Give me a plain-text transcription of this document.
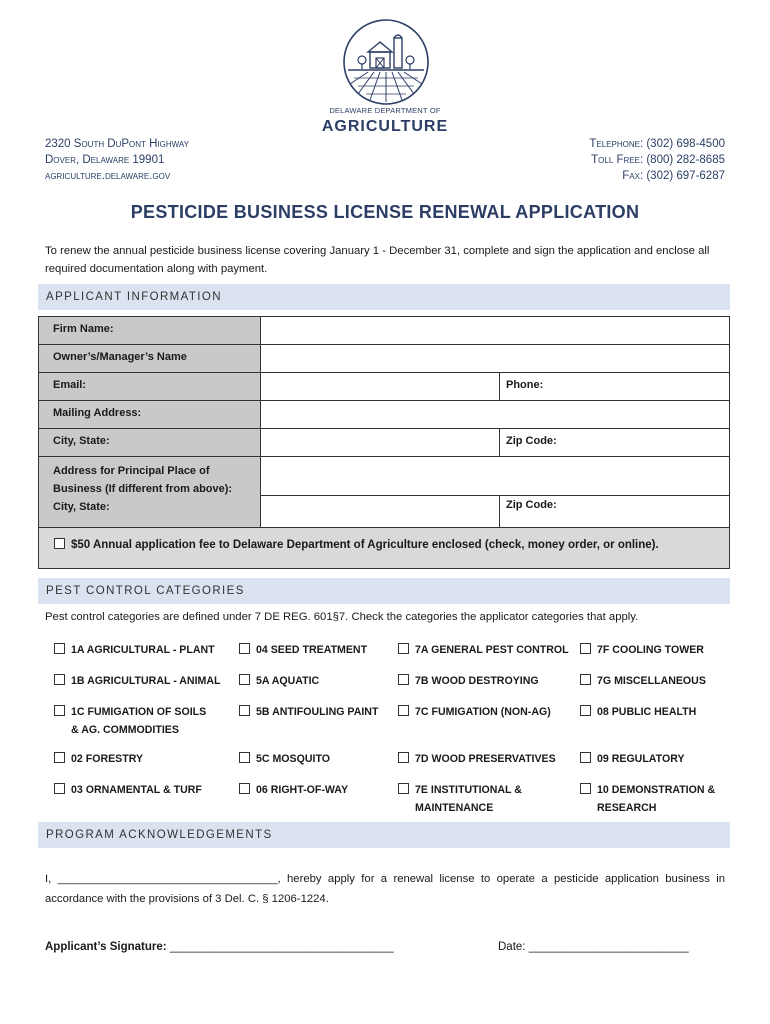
DELAWARE DEPARTMENT OF
AGRICULTURE
2320 South DuPont Highway
Dover, Delaware 19901
agriculture.delaware.gov
Telephone: (302) 698-4500
Toll Free: (800) 282-8685
Fax: (302) 697-6287
PESTICIDE BUSINESS LICENSE RENEWAL APPLICATION
To renew the annual pesticide business license covering January 1 - December 31, complete and sign the application and enclose all required documentation along with payment.
APPLICANT INFORMATION
Firm Name:
Owner’s/Manager’s Name
Email:	Phone:
Mailing Address:
City, State:	Zip Code:
Address for Principal Place of
Business (If different from above):
City, State:	Zip Code:
$50 Annual application fee to Delaware Department of Agriculture enclosed (check, money order, or online).
PEST CONTROL CATEGORIES
Pest control categories are defined under 7 DE REG. 601§7. Check the categories the applicator categories that apply.
1A AGRICULTURAL - PLANT
1B AGRICULTURAL - ANIMAL
1C FUMIGATION OF SOILS
& AG. COMMODITIES
02 FORESTRY
03 ORNAMENTAL & TURF
04 SEED TREATMENT
5A AQUATIC
5B ANTIFOULING PAINT
5C MOSQUITO
06 RIGHT-OF-WAY
7A GENERAL PEST CONTROL
7B WOOD DESTROYING
7C FUMIGATION (NON-AG)
7D WOOD PRESERVATIVES
7E INSTITUTIONAL &
MAINTENANCE
7F COOLING TOWER
7G MISCELLANEOUS
08 PUBLIC HEALTH
09 REGULATORY
10 DEMONSTRATION &
RESEARCH
PROGRAM ACKNOWLEDGEMENTS
I, ___________________________________, hereby apply for a renewal license to operate a pesticide application business in accordance with the provisions of 3 Del. C. § 1206-1224.
Applicant’s Signature: ___________________________________	Date: _________________________
